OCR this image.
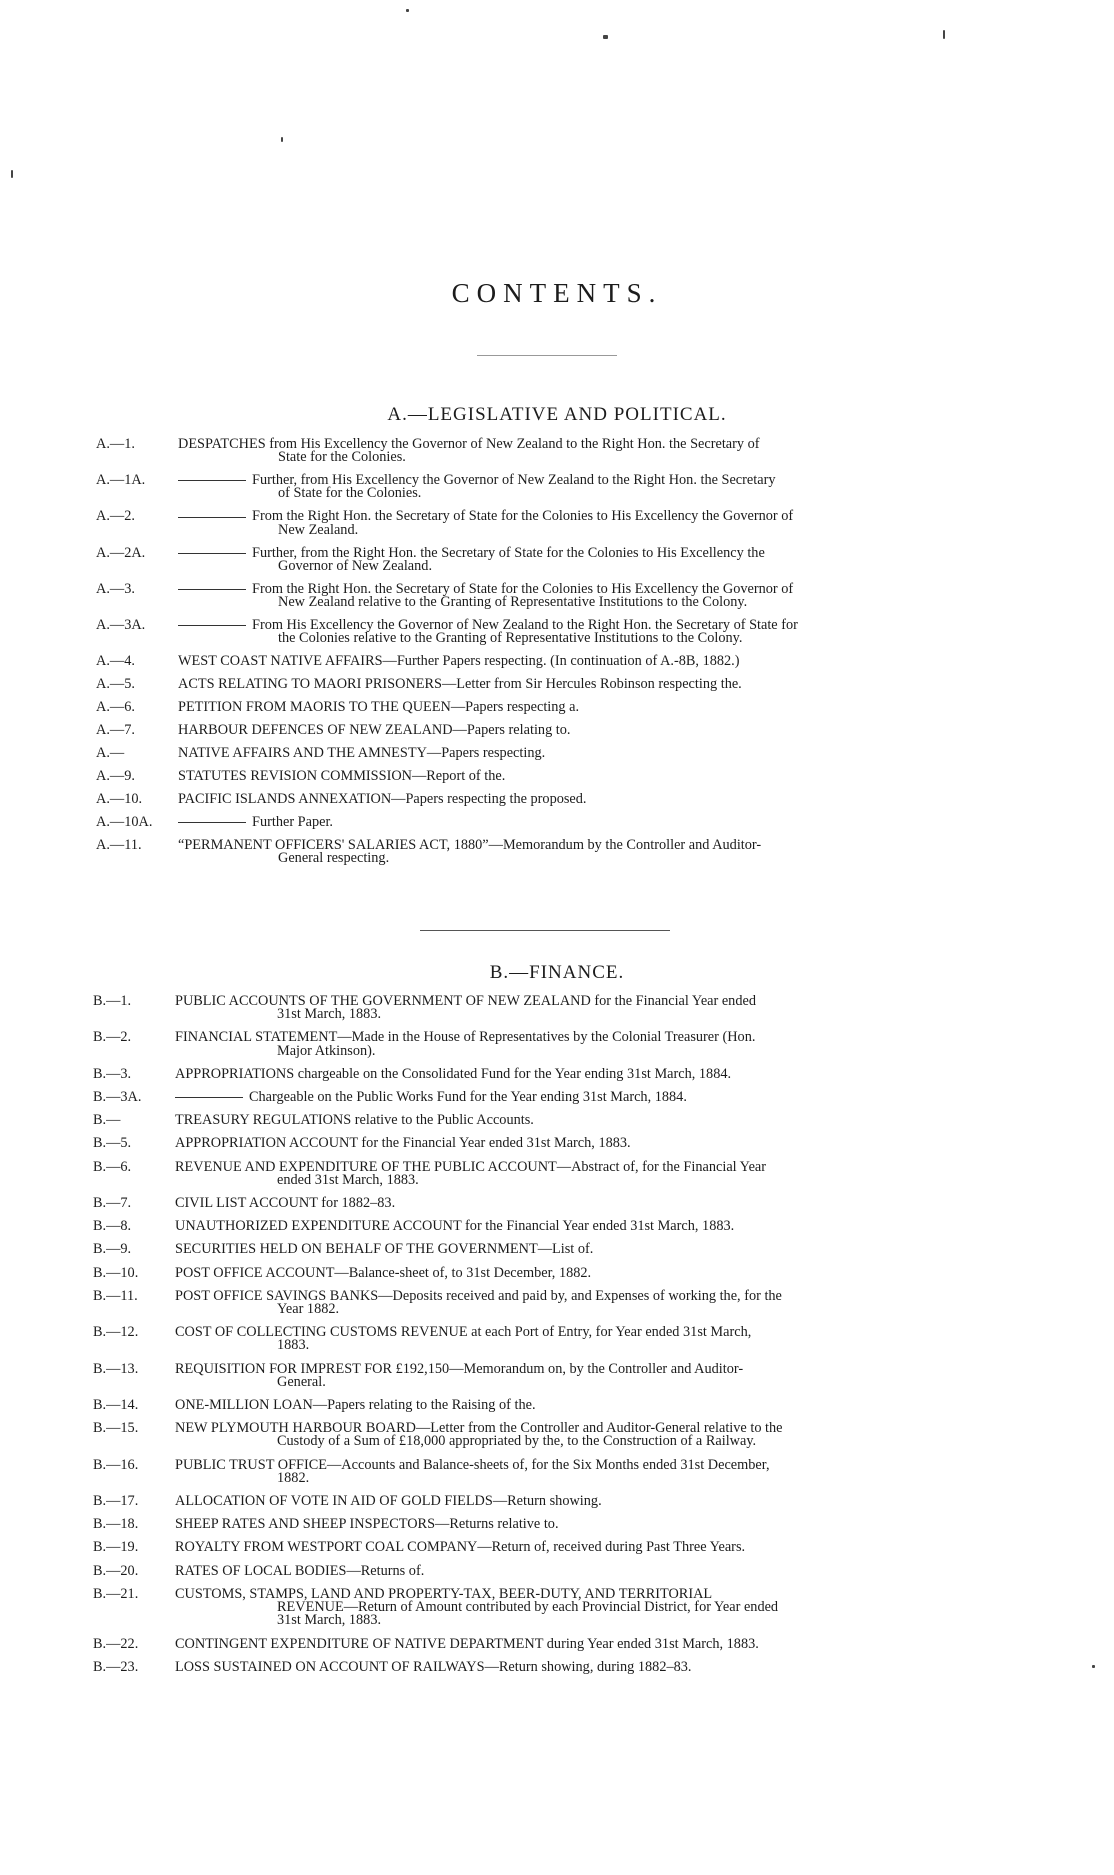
CONTENTS.
A.—LEGISLATIVE AND POLITICAL.
A.—1.	DESPATCHES from His Excellency the Governor of New Zealand to the Right Hon. the Secretary of
State for the Colonies.
A.—1A.	Further, from His Excellency the Governor of New Zealand to the Right Hon. the Secretary
of State for the Colonies.
A.—2.	From the Right Hon. the Secretary of State for the Colonies to His Excellency the Governor of
New Zealand.
A.—2A.	Further, from the Right Hon. the Secretary of State for the Colonies to His Excellency the
Governor of New Zealand.
A.—3.	From the Right Hon. the Secretary of State for the Colonies to His Excellency the Governor of
New Zealand relative to the Granting of Representative Institutions to the Colony.
A.—3A.	From His Excellency the Governor of New Zealand to the Right Hon. the Secretary of State for
the Colonies relative to the Granting of Representative Institutions to the Colony.
A.—4.	WEST COAST NATIVE AFFAIRS—Further Papers respecting. (In continuation of A.-8B, 1882.)
A.—5.	ACTS RELATING TO MAORI PRISONERS—Letter from Sir Hercules Robinson respecting the.
A.—6.	PETITION FROM MAORIS TO THE QUEEN—Papers respecting a.
A.—7.	HARBOUR DEFENCES OF NEW ZEALAND—Papers relating to.
A.—	NATIVE AFFAIRS AND THE AMNESTY—Papers respecting.
A.—9.	STATUTES REVISION COMMISSION—Report of the.
A.—10.	PACIFIC ISLANDS ANNEXATION—Papers respecting the proposed.
A.—10A.	Further Paper.
A.—11.	“PERMANENT OFFICERS' SALARIES ACT, 1880”—Memorandum by the Controller and Auditor-
General respecting.
B.—FINANCE.
B.—1.	PUBLIC ACCOUNTS OF THE GOVERNMENT OF NEW ZEALAND for the Financial Year ended
31st March, 1883.
B.—2.	FINANCIAL STATEMENT—Made in the House of Representatives by the Colonial Treasurer (Hon.
Major Atkinson).
B.—3.	APPROPRIATIONS chargeable on the Consolidated Fund for the Year ending 31st March, 1884.
B.—3A.	Chargeable on the Public Works Fund for the Year ending 31st March, 1884.
B.—	TREASURY REGULATIONS relative to the Public Accounts.
B.—5.	APPROPRIATION ACCOUNT for the Financial Year ended 31st March, 1883.
B.—6.	REVENUE AND EXPENDITURE OF THE PUBLIC ACCOUNT—Abstract of, for the Financial Year
ended 31st March, 1883.
B.—7.	CIVIL LIST ACCOUNT for 1882–83.
B.—8.	UNAUTHORIZED EXPENDITURE ACCOUNT for the Financial Year ended 31st March, 1883.
B.—9.	SECURITIES HELD ON BEHALF OF THE GOVERNMENT—List of.
B.—10.	POST OFFICE ACCOUNT—Balance-sheet of, to 31st December, 1882.
B.—11.	POST OFFICE SAVINGS BANKS—Deposits received and paid by, and Expenses of working the, for the
Year 1882.
B.—12.	COST OF COLLECTING CUSTOMS REVENUE at each Port of Entry, for Year ended 31st March,
1883.
B.—13.	REQUISITION FOR IMPREST FOR £192,150—Memorandum on, by the Controller and Auditor-
General.
B.—14.	ONE-MILLION LOAN—Papers relating to the Raising of the.
B.—15.	NEW PLYMOUTH HARBOUR BOARD—Letter from the Controller and Auditor-General relative to the
Custody of a Sum of £18,000 appropriated by the, to the Construction of a Railway.
B.—16.	PUBLIC TRUST OFFICE—Accounts and Balance-sheets of, for the Six Months ended 31st December,
1882.
B.—17.	ALLOCATION OF VOTE IN AID OF GOLD FIELDS—Return showing.
B.—18.	SHEEP RATES AND SHEEP INSPECTORS—Returns relative to.
B.—19.	ROYALTY FROM WESTPORT COAL COMPANY—Return of, received during Past Three Years.
B.—20.	RATES OF LOCAL BODIES—Returns of.
B.—21.	CUSTOMS, STAMPS, LAND AND PROPERTY-TAX, BEER-DUTY, AND TERRITORIAL
REVENUE—Return of Amount contributed by each Provincial District, for Year ended
31st March, 1883.
B.—22.	CONTINGENT EXPENDITURE OF NATIVE DEPARTMENT during Year ended 31st March, 1883.
B.—23.	LOSS SUSTAINED ON ACCOUNT OF RAILWAYS—Return showing, during 1882–83.
